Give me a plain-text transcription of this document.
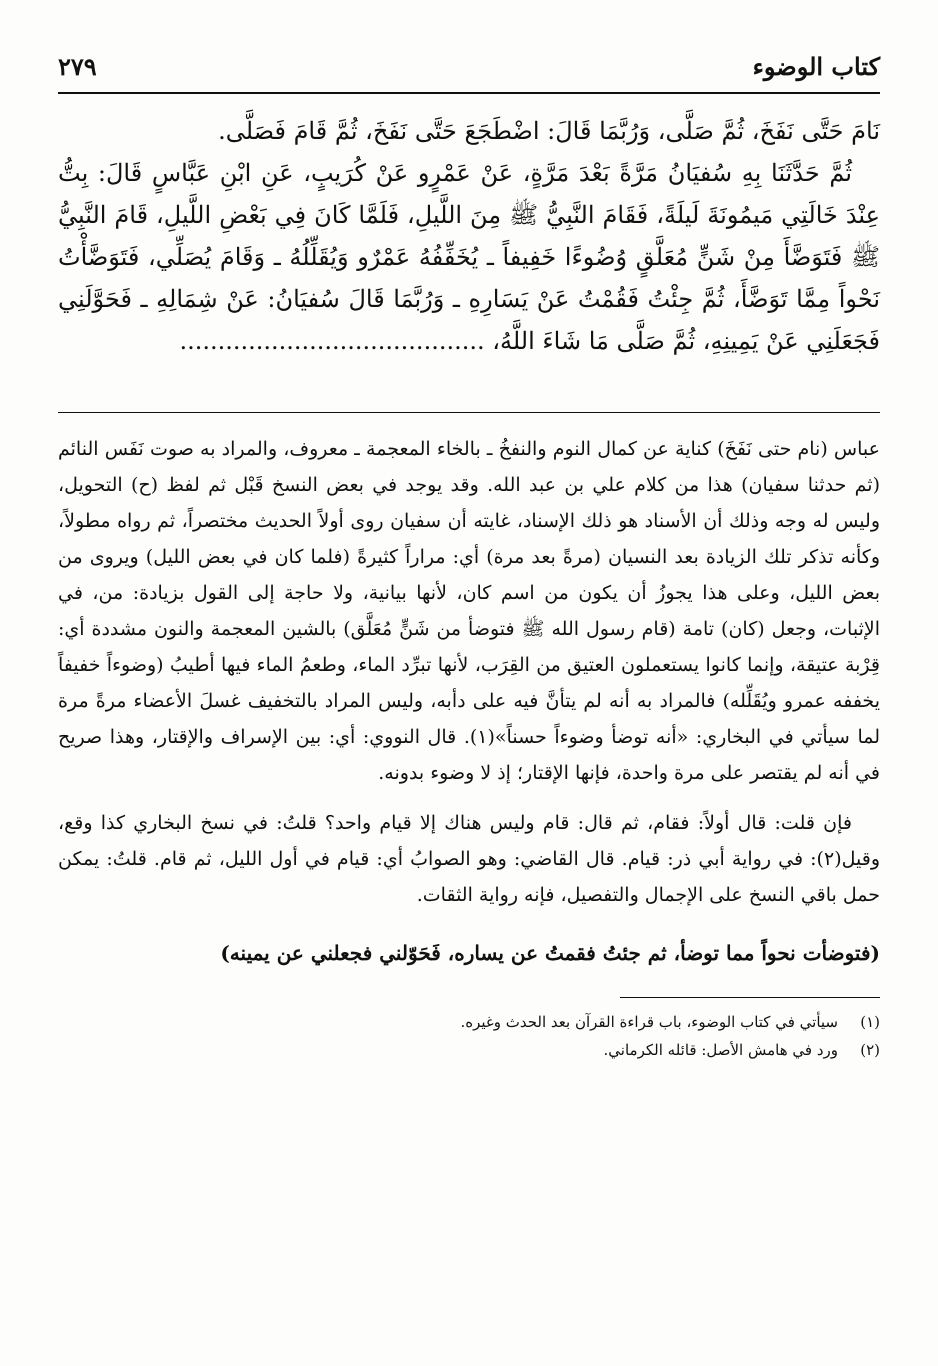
٢٧٩	كتاب الوضوء

نَامَ حَتَّى نَفَخَ، ثُمَّ صَلَّى، وَرُبَّمَا قَالَ: اضْطَجَعَ حَتَّى نَفَخَ، ثُمَّ قَامَ فَصَلَّى.

ثُمَّ حَدَّثَنَا بِهِ سُفيَانُ مَرَّةً بَعْدَ مَرَّةٍ، عَنْ عَمْرٍو عَنْ كُرَيبٍ، عَنِ ابْنِ عَبَّاسٍ قَالَ: بِتُّ عِنْدَ خَالَتِي مَيمُونَةَ لَيلَةً، فَقَامَ النَّبِيُّ ﷺ مِنَ اللَّيلِ، فَلَمَّا كَانَ فِي بَعْضِ اللَّيلِ، قَامَ النَّبِيُّ ﷺ فَتَوَضَّأَ مِنْ شَنٍّ مُعَلَّقٍ وُضُوءًا خَفِيفاً ـ يُخَفِّفُهُ عَمْرٌو وَيُقَلِّلُهُ ـ وَقَامَ يُصَلِّي، فَتَوَضَّأْتُ نَحْواً مِمَّا تَوَضَّأَ، ثُمَّ جِئْتُ فَقُمْتُ عَنْ يَسَارِهِ ـ وَرُبَّمَا قَالَ سُفيَانُ: عَنْ شِمَالِهِ ـ فَحَوَّلَنِي فَجَعَلَنِي عَنْ يَمِينِهِ، ثُمَّ صَلَّى مَا شَاءَ اللَّهُ، ........................................

عباس (نام حتى نَفَخَ) كناية عن كمال النوم والنفخُ ـ بالخاء المعجمة ـ معروف، والمراد به صوت نَفَس النائم (ثم حدثنا سفيان) هذا من كلام علي بن عبد الله. وقد يوجد في بعض النسخ قَبْل ثم لفظ (ح) التحويل، وليس له وجه وذلك أن الأسناد هو ذلك الإسناد، غايته أن سفيان روى أولاً الحديث مختصراً، ثم رواه مطولاً، وكأنه تذكر تلك الزيادة بعد النسيان (مرةً بعد مرة) أي: مراراً كثيرةً (فلما كان في بعض الليل) ويروى من بعض الليل، وعلى هذا يجوزُ أن يكون من اسم كان، لأنها بيانية، ولا حاجة إلى القول بزيادة: من، في الإثبات، وجعل (كان) تامة (قام رسول الله ﷺ فتوضأ من شَنٍّ مُعَلَّق) بالشين المعجمة والنون مشددة أي: قِرْبة عتيقة، وإنما كانوا يستعملون العتيق من القِرَب، لأنها تبرِّد الماء، وطعمُ الماء فيها أطيبُ (وضوءاً خفيفاً يخففه عمرو ويُقَلِّله) فالمراد به أنه لم يتأنَّ فيه على دأبه، وليس المراد بالتخفيف غسلَ الأعضاء مرةً مرة لما سيأتي في البخاري: «أنه توضأ وضوءاً حسناً»(١). قال النووي: أي: بين الإسراف والإقتار، وهذا صريح في أنه لم يقتصر على مرة واحدة، فإنها الإقتار؛ إذ لا وضوء بدونه.

فإن قلت: قال أولاً: فقام، ثم قال: قام وليس هناك إلا قيام واحد؟ قلتُ: في نسخ البخاري كذا وقع، وقيل(٢): في رواية أبي ذر: قيام. قال القاضي: وهو الصوابُ أي: قيام في أول الليل، ثم قام. قلتُ: يمكن حمل باقي النسخ على الإجمال والتفصيل، فإنه رواية الثقات.

(فتوضأت نحواً مما توضأ، ثم جئتُ فقمتُ عن يساره، فَحَوّلني فجعلني عن يمينه)
(١)
سيأتي في كتاب الوضوء، باب قراءة القرآن بعد الحدث وغيره.
(٢)
ورد في هامش الأصل: قائله الكرماني.
